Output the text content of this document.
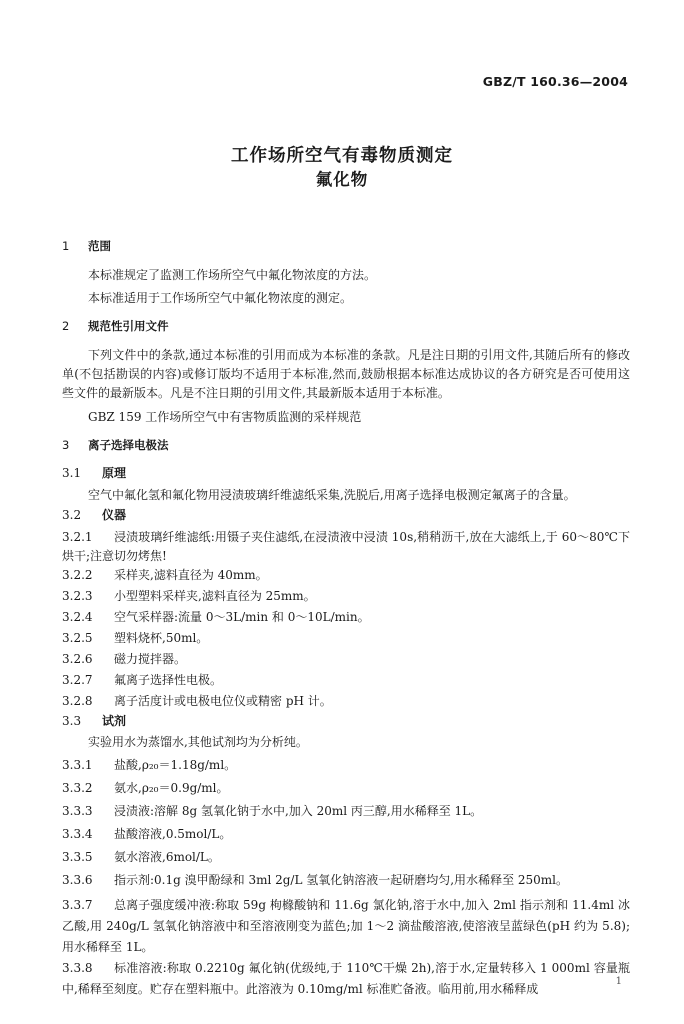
GBZ/T 160.36—2004
工作场所空气有毒物质测定
氟化物
1 范围
本标准规定了监测工作场所空气中氟化物浓度的方法。
本标准适用于工作场所空气中氟化物浓度的测定。
2 规范性引用文件
下列文件中的条款,通过本标准的引用而成为本标准的条款。凡是注日期的引用文件,其随后所有的修改单(不包括勘误的内容)或修订版均不适用于本标准,然而,鼓励根据本标准达成协议的各方研究是否可使用这些文件的最新版本。凡是不注日期的引用文件,其最新版本适用于本标准。
GBZ 159 工作场所空气中有害物质监测的采样规范
3 离子选择电极法
3.1 原理
空气中氟化氢和氟化物用浸渍玻璃纤维滤纸采集,洗脱后,用离子选择电极测定氟离子的含量。
3.2 仪器
3.2.1 浸渍玻璃纤维滤纸:用镊子夹住滤纸,在浸渍液中浸渍 10s,稍稍沥干,放在大滤纸上,于 60～80℃下烘干;注意切勿烤焦!
3.2.2 采样夹,滤料直径为 40mm。
3.2.3 小型塑料采样夹,滤料直径为 25mm。
3.2.4 空气采样器:流量 0～3L/min 和 0～10L/min。
3.2.5 塑料烧杯,50ml。
3.2.6 磁力搅拌器。
3.2.7 氟离子选择性电极。
3.2.8 离子活度计或电极电位仪或精密 pH 计。
3.3 试剂
实验用水为蒸馏水,其他试剂均为分析纯。
3.3.1 盐酸,ρ₂₀＝1.18g/ml。
3.3.2 氨水,ρ₂₀＝0.9g/ml。
3.3.3 浸渍液:溶解 8g 氢氧化钠于水中,加入 20ml 丙三醇,用水稀释至 1L。
3.3.4 盐酸溶液,0.5mol/L。
3.3.5 氨水溶液,6mol/L。
3.3.6 指示剂:0.1g 溴甲酚绿和 3ml 2g/L 氢氧化钠溶液一起研磨均匀,用水稀释至 250ml。
3.3.7 总离子强度缓冲液:称取 59g 枸橼酸钠和 11.6g 氯化钠,溶于水中,加入 2ml 指示剂和 11.4ml 冰乙酸,用 240g/L 氢氧化钠溶液中和至溶液刚变为蓝色;加 1～2 滴盐酸溶液,使溶液呈蓝绿色(pH 约为 5.8);用水稀释至 1L。
3.3.8 标准溶液:称取 0.2210g 氟化钠(优级纯,于 110℃干燥 2h),溶于水,定量转移入 1 000ml 容量瓶中,稀释至刻度。贮存在塑料瓶中。此溶液为 0.10mg/ml 标准贮备液。临用前,用水稀释成
1
